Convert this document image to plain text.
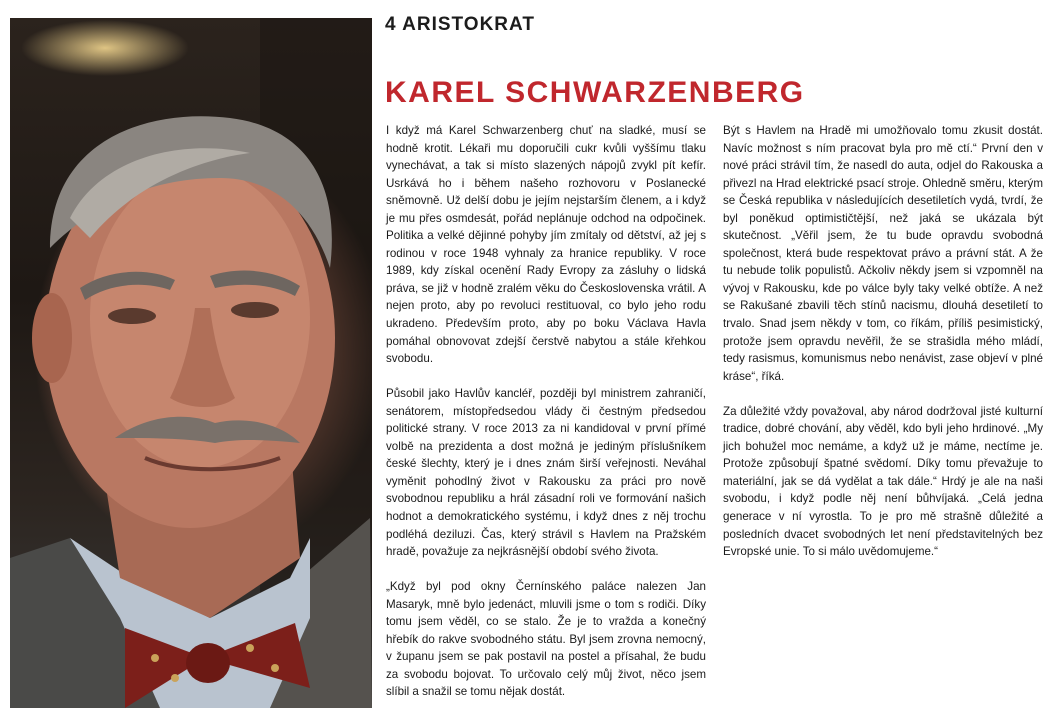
4 ARISTOKRAT
KAREL SCHWARZENBERG

I když má Karel Schwarzenberg chuť na sladké, musí se hodně krotit. Lékaři mu doporučili cukr kvůli vyššímu tlaku vynechávat, a tak si místo slazených nápojů zvykl pít kefír. Usrkává ho i během našeho rozhovoru v Poslanecké sněmovně. Už delší dobu je jejím nejstarším členem, a i když je mu přes osmdesát, pořád neplánuje odchod na odpočinek. Politika a velké dějinné pohyby jím zmítaly od dětství, až jej s rodinou v roce 1948 vyhnaly za hranice republiky. V roce 1989, kdy získal ocenění Rady Evropy za zásluhy o lidská práva, se již v hodně zralém věku do Československa vrátil. A nejen proto, aby po revoluci restituoval, co bylo jeho rodu ukradeno. Především proto, aby po boku Václava Havla pomáhal obnovovat zdejší čerstvě nabytou a stále křehkou svobodu.

Působil jako Havlův kancléř, později byl ministrem zahraničí, senátorem, místopředsedou vlády či čestným předsedou politické strany. V roce 2013 za ni kandidoval v první přímé volbě na prezidenta a dost možná je jediným příslušníkem české šlechty, který je i dnes znám širší veřejnosti. Neváhal vyměnit pohodlný život v Rakousku za práci pro nově svobodnou republiku a hrál zásadní roli ve formování našich hodnot a demokratického systému, i když dnes z něj trochu podléhá deziluzi. Čas, který strávil s Havlem na Pražském hradě, považuje za nejkrásnější období svého života.

„Když byl pod okny Černínského paláce nalezen Jan Masaryk, mně bylo jedenáct, mluvili jsme o tom s rodiči. Díky tomu jsem věděl, co se stalo. Že je to vražda a konečný hřebík do rakve svobodného státu. Byl jsem zrovna nemocný, v županu jsem se pak postavil na postel a přísahal, že budu za svobodu bojovat. To určovalo celý můj život, něco jsem slíbil a snažil se tomu nějak dostát.

Být s Havlem na Hradě mi umožňovalo tomu zkusit dostát. Navíc možnost s ním pracovat byla pro mě ctí.“ První den v nové práci strávil tím, že nasedl do auta, odjel do Rakouska a přivezl na Hrad elektrické psací stroje. Ohledně směru, kterým se Česká republika v následujících desetiletích vydá, tvrdí, že byl poněkud optimističtější, než jaká se ukázala být skutečnost. „Věřil jsem, že tu bude opravdu svobodná společnost, která bude respektovat právo a právní stát. A že tu nebude tolik populistů. Ačkoliv někdy jsem si vzpomněl na vývoj v Rakousku, kde po válce byly taky velké obtíže. A než se Rakušané zbavili těch stínů nacismu, dlouhá desetiletí to trvalo. Snad jsem někdy v tom, co říkám, příliš pesimistický, protože jsem opravdu nevěřil, že se strašidla mého mládí, tedy rasismus, komunismus nebo nenávist, zase objeví v plné kráse“, říká.

Za důležité vždy považoval, aby národ dodržoval jisté kulturní tradice, dobré chování, aby věděl, kdo byli jeho hrdinové. „My jich bohužel moc nemáme, a když už je máme, nectíme je. Protože způsobují špatné svědomí. Díky tomu převažuje to materiální, jak se dá vydělat a tak dále.“ Hrdý je ale na naši svobodu, i když podle něj není bůhvíjaká. „Celá jedna generace v ní vyrostla. To je pro mě strašně důležité a posledních dvacet svobodných let není představitelných bez Evropské unie. To si málo uvědomujeme.“
